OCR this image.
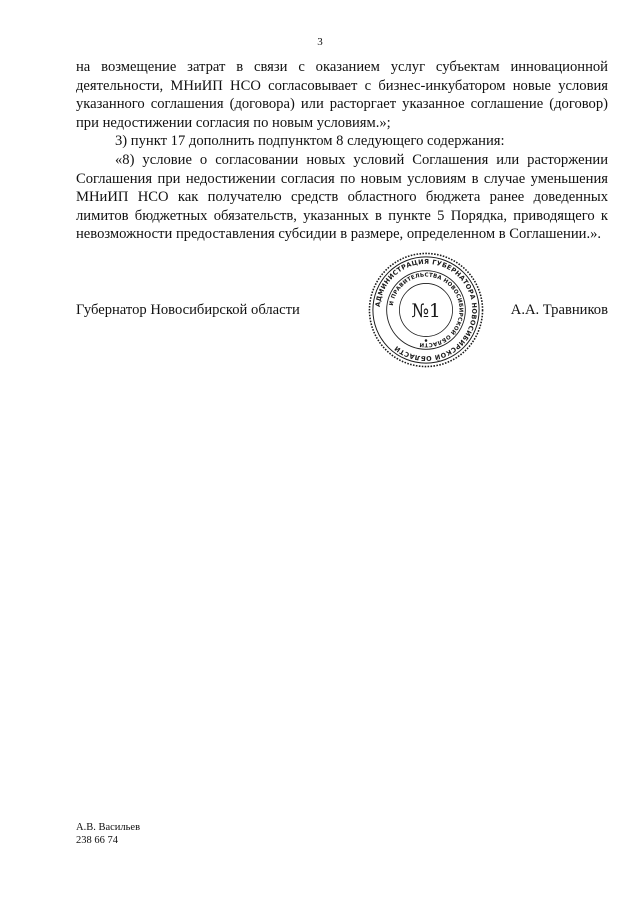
3

на возмещение затрат в связи с оказанием услуг субъектам инновационной деятельности, МНиИП НСО согласовывает с бизнес-инкубатором новые условия указанного соглашения (договора) или расторгает указанное соглашение (договор) при недостижении согласия по новым условиям.»;

3) пункт 17 дополнить подпунктом 8 следующего содержания:

«8) условие о согласовании новых условий Соглашения или расторжении Соглашения при недостижении согласия по новым условиям в случае уменьшения МНиИП НСО как получателю средств областного бюджета ранее доведенных лимитов бюджетных обязательств, указанных в пункте 5 Порядка, приводящего к невозможности предоставления субсидии в размере, определенном в Соглашении.».

Губернатор Новосибирской области	А.А. Травников
АДМИНИСТРАЦИЯ ГУБЕРНАТОРА НОВОСИБИРСКОЙ ОБЛАСТИ
И ПРАВИТЕЛЬСТВА НОВОСИБИРСКОЙ ОБЛАСТИ
№1
А.В. Васильев
238 66 74
